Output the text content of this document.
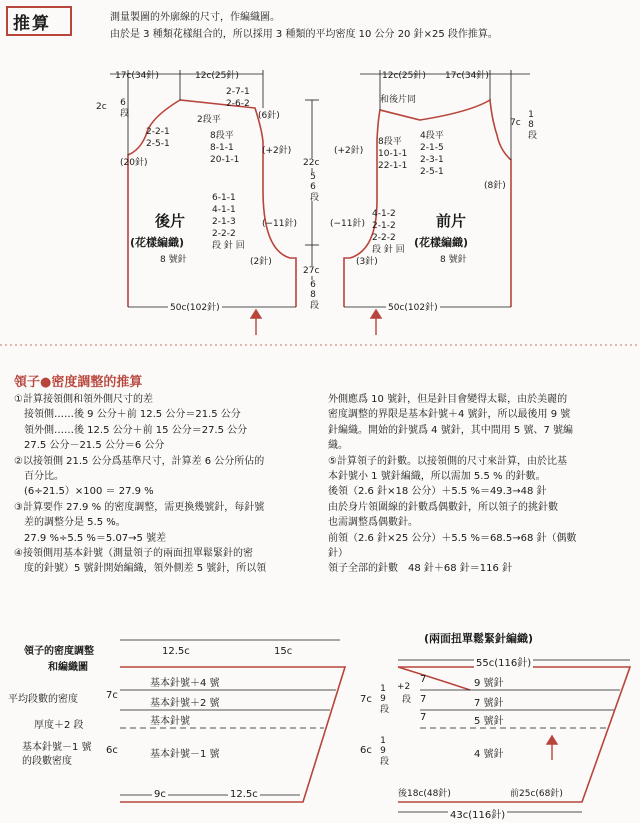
推算	測量製圖的外廓線的尺寸，作編織圖。
由於是 3 種類花樣組合的，所以採用 3 種類的平均密度 10 公分 20 針×25 段作推算。
17c(34針)	12c(25針)
2c 6段
2-7-1
2-6-2
2段平	(6針)
2-2-1
2-5-1
(20針)
8段平
8-1-1
20-1-1
(+2針)
6-1-1
4-1-1
2-1-3
2-2-2
段 針 回
(−11針)
後片
(花樣編織)
8 號針	(2針)
50c(102針)
22c
56段
27c
68段
12c(25針) 17c(34針)
和後片同
7c 18段
8段平
10-1-1
22-1-1
(+2針)
4段平
2-1-5
2-3-1
2-5-1
(8針)
(−11針)
4-1-2
2-1-2
2-2-2
段 針 回
前片
(花樣編織)
8 號針
(3針)
50c(102針)
領子●密度調整的推算
①計算接領側和領外側尺寸的差
　接領側……後 9 公分＋前 12.5 公分＝21.5 公分
　領外側……後 12.5 公分＋前 15 公分＝27.5 公分
　27.5 公分－21.5 公分＝6 公分
②以接領側 21.5 公分爲基準尺寸，計算差 6 公分所佔的
　百分比。
　(6÷21.5）×100 ＝ 27.9 %
③計算要作 27.9 % 的密度調整，需更換幾號針，每針號
　差的調整分是 5.5 %。
　27.9 %÷5.5 %＝5.07→5 號差
④接領側用基本針號（測量領子的兩面扭單鬆緊針的密
　度的針號）5 號針開始編織，領外側差 5 號針，所以領
外側應爲 10 號針，但是針目會變得太鬆，由於美麗的
密度調整的界限是基本針號＋4 號針，所以最後用 9 號
針編織。開始的針號爲 4 號針，其中間用 5 號、7 號編
織。
⑤計算領子的針數。以接領側的尺寸來計算，由於比基
本針號小 1 號針編織，所以需加 5.5 % 的針數。
後領（2.6 針×18 公分）＋5.5 %＝49.3→48 針
由於身片領圍線的針數爲偶數針，所以領子的挑針數
也需調整爲偶數針。
前領（2.6 針×25 公分）＋5.5 %＝68.5→68 針（偶數
針）
領子全部的針數　48 針＋68 針＝116 針
領子的密度調整
和編織圖
12.5c	15c
基本針號＋4 號
基本針號＋2 號
基本針號
基本針號－1 號
平均段數的密度	7c
厚度＋2 段
基本針號－1 號
的段數密度
6c
9c	12.5c
(兩面扭單鬆緊針編織)
55c(116針)
7c 19段 +2
段
7
7
7
9 號針
7 號針
5 號針
4 號針
6c 19段
後18c(48針)	前25c(68針)
43c(116針)
